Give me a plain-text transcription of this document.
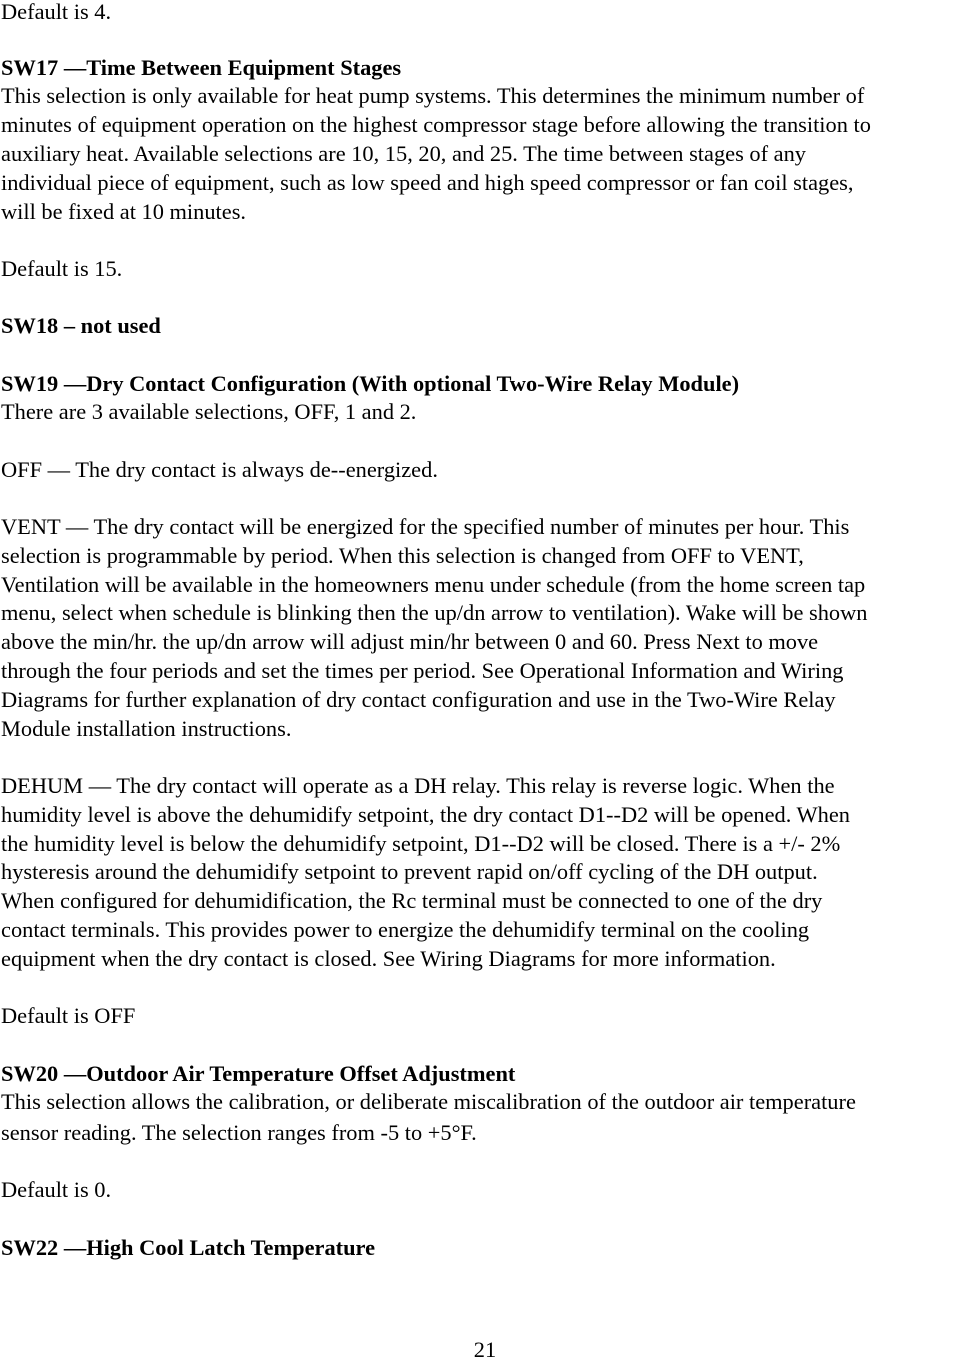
Default is 4.

SW17 —Time Between Equipment Stages

This selection is only available for heat pump systems. This determines the minimum number of

minutes of equipment operation on the highest compressor stage before allowing the transition to

auxiliary heat. Available selections are 10, 15, 20, and 25. The time between stages of any

individual piece of equipment, such as low speed and high speed compressor or fan coil stages,

will be fixed at 10 minutes.

Default is 15.

SW18 – not used

SW19 —Dry Contact Configuration (With optional Two-Wire Relay Module)

There are 3 available selections, OFF, 1 and 2.

OFF — The dry contact is always de--energized.

VENT — The dry contact will be energized for the specified number of minutes per hour. This

selection is programmable by period. When this selection is changed from OFF to VENT,

Ventilation will be available in the homeowners menu under schedule (from the home screen tap

menu, select when schedule is blinking then the up/dn arrow to ventilation). Wake will be shown

above the min/hr. the up/dn arrow will adjust min/hr between 0 and 60. Press Next to move

through the four periods and set the times per period. See Operational Information and Wiring

Diagrams for further explanation of dry contact configuration and use in the Two-Wire Relay

Module installation instructions.

DEHUM — The dry contact will operate as a DH relay. This relay is reverse logic. When the

humidity level is above the dehumidify setpoint, the dry contact D1--D2 will be opened. When

the humidity level is below the dehumidify setpoint, D1--D2 will be closed. There is a +/- 2%

hysteresis around the dehumidify setpoint to prevent rapid on/off cycling of the DH output.

When configured for dehumidification, the Rc terminal must be connected to one of the dry

contact terminals. This provides power to energize the dehumidify terminal on the cooling

equipment when the dry contact is closed. See Wiring Diagrams for more information.

Default is OFF

SW20 —Outdoor Air Temperature Offset Adjustment

This selection allows the calibration, or deliberate miscalibration of the outdoor air temperature

sensor reading. The selection ranges from -5 to +5°F.

Default is 0.

SW22 —High Cool Latch Temperature

21
